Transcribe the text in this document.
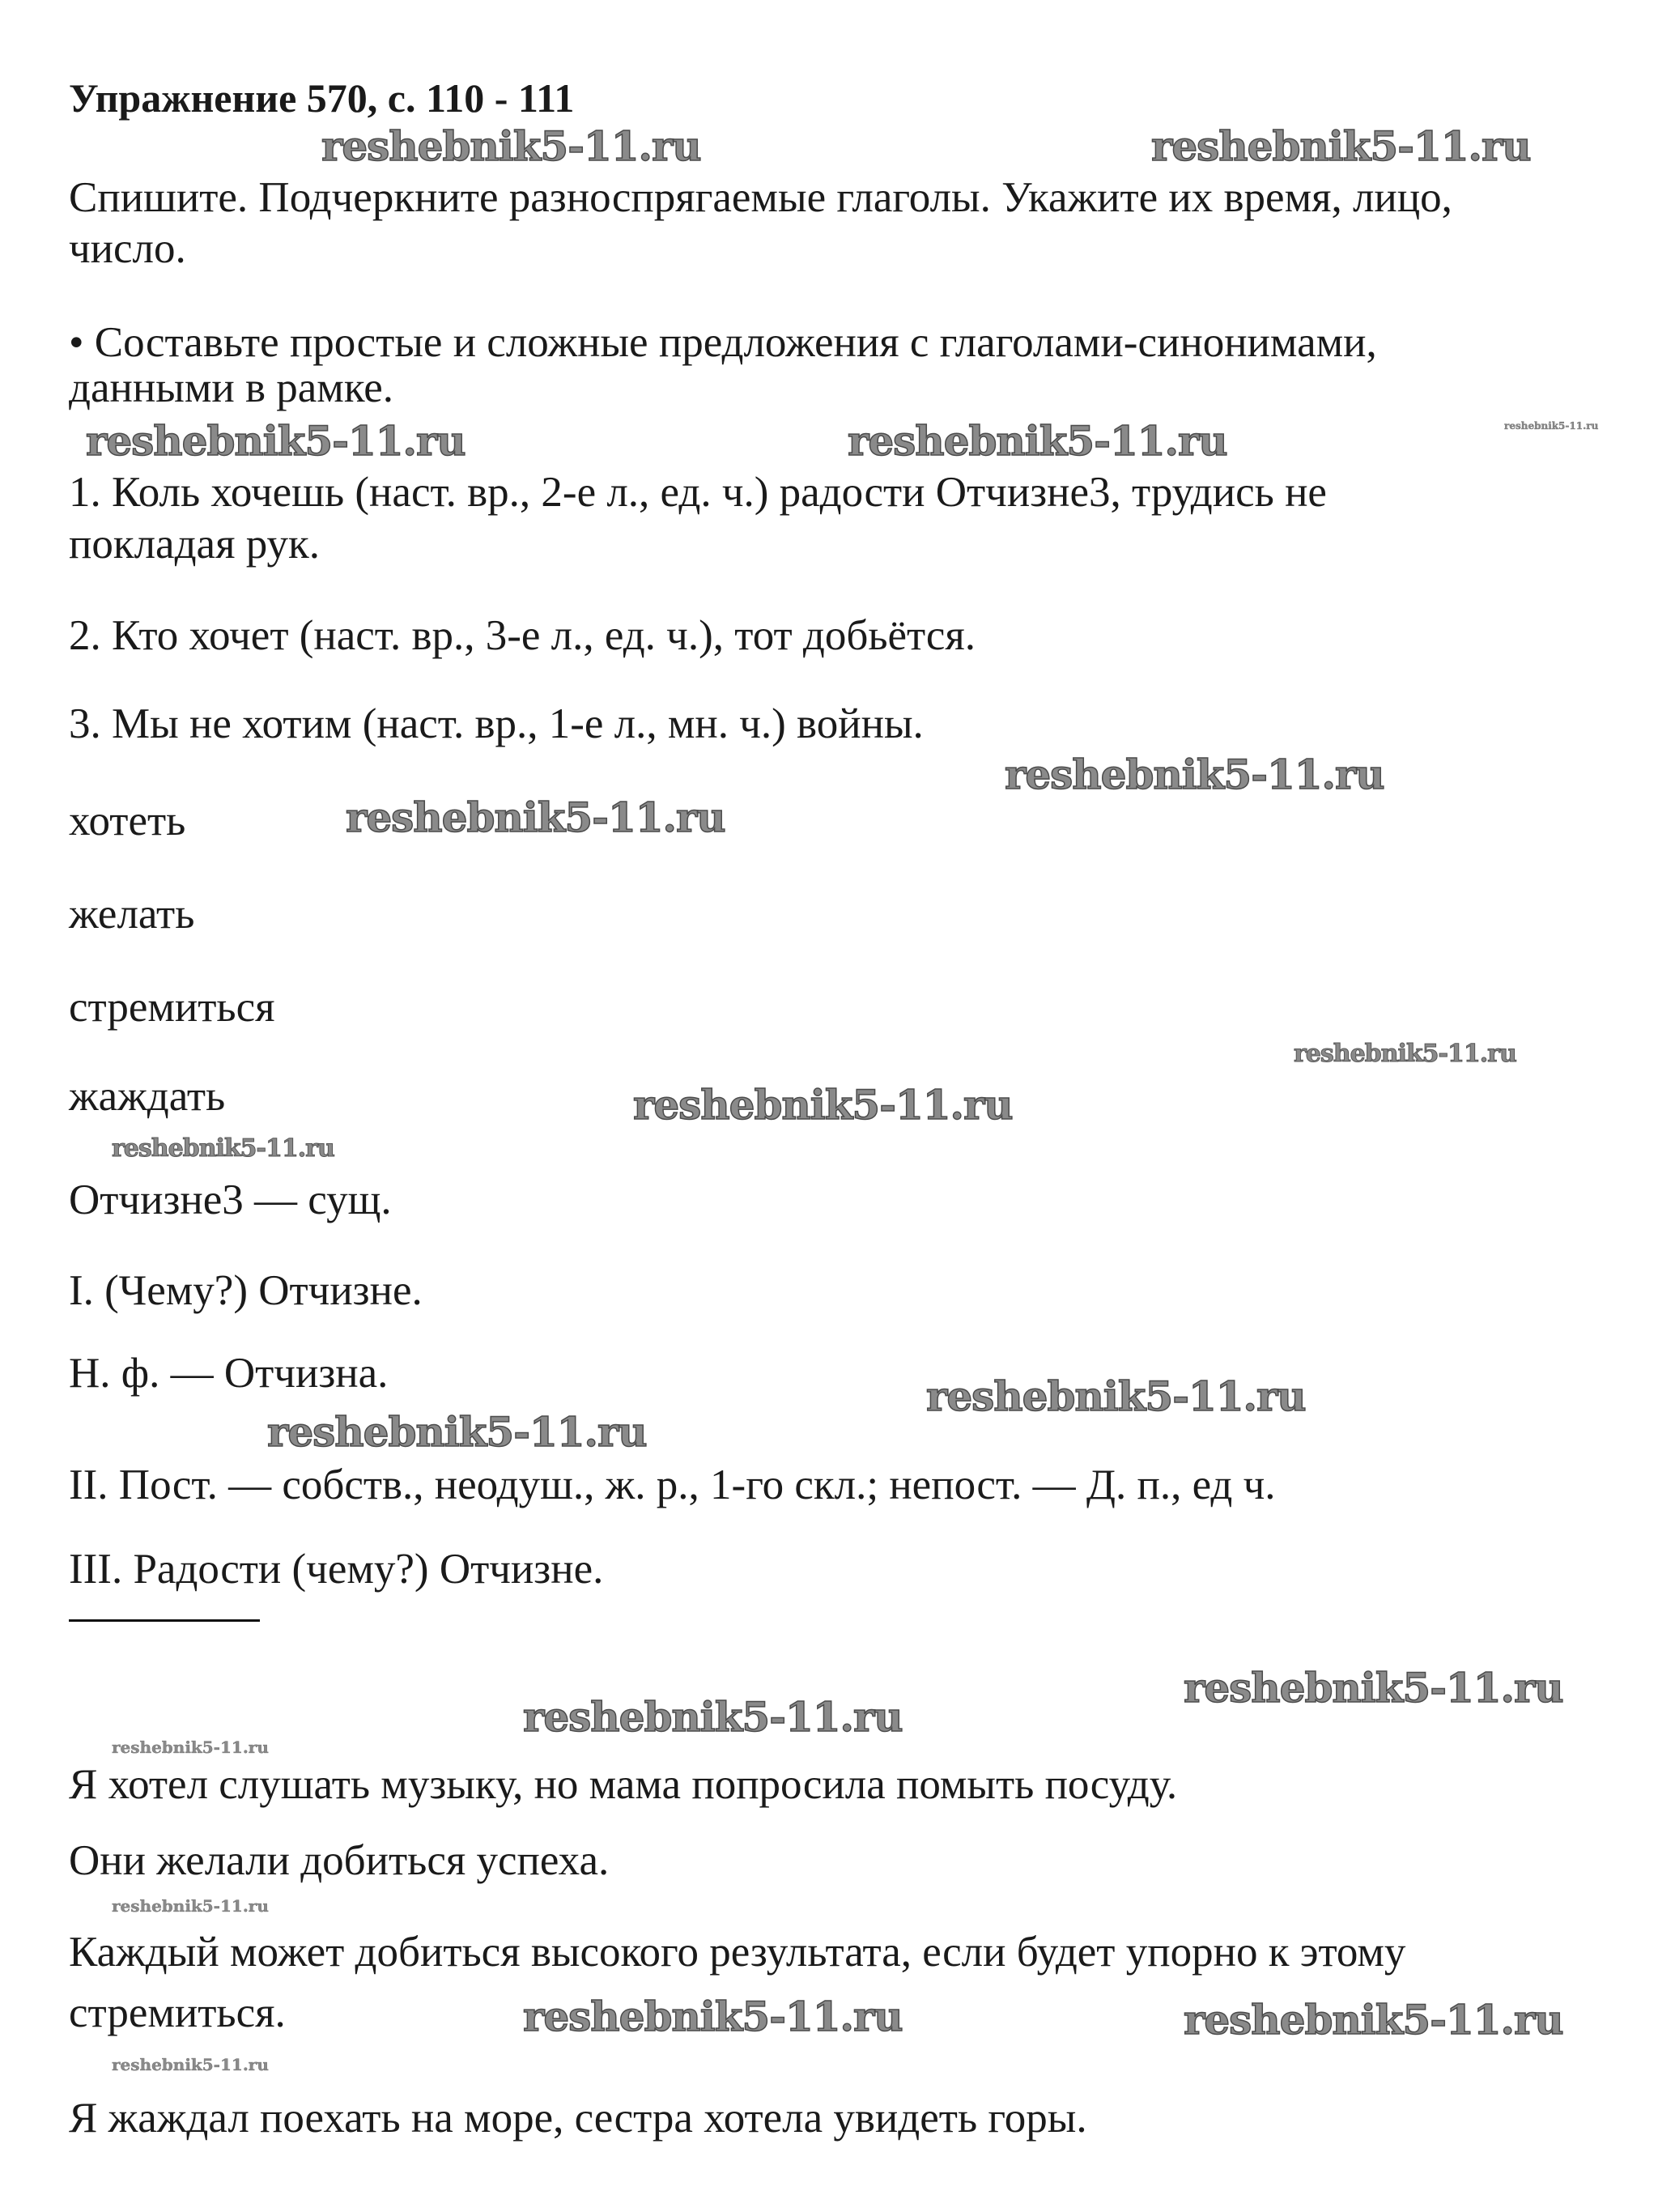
Упражнение 570, с. 110 - 111
Спишите. Подчеркните разноспрягаемые глаголы. Укажите их время, лицо,
число.
• Составьте простые и сложные предложения с глаголами-синонимами,
данными в рамке.
1. Коль хочешь (наст. вр., 2-е л., ед. ч.) радости Отчизне3, трудись не
покладая рук.
2. Кто хочет (наст. вр., 3-е л., ед. ч.), тот добьётся.
3. Мы не хотим (наст. вр., 1-е л., мн. ч.) войны.
хотеть
желать
стремиться
жаждать
Отчизне3 — сущ.
I. (Чему?) Отчизне.
Н. ф. — Отчизна.
II. Пост. — собств., неодуш., ж. р., 1-го скл.; непост. — Д. п., ед ч.
III. Радости (чему?) Отчизне.
Я хотел слушать музыку, но мама попросила помыть посуду.
Они желали добиться успеха.
Каждый может добиться высокого результата, если будет упорно к этому
стремиться.
Я жаждал поехать на море, сестра хотела увидеть горы.
reshebnik5-11.ru	reshebnik5-11.ru
reshebnik5-11.ru	reshebnik5-11.ru	reshebnik5-11.ru
reshebnik5-11.ru
reshebnik5-11.ru
reshebnik5-11.ru
reshebnik5-11.ru
reshebnik5-11.ru
reshebnik5-11.ru
reshebnik5-11.ru
reshebnik5-11.ru
reshebnik5-11.ru
reshebnik5-11.ru
reshebnik5-11.ru
reshebnik5-11.ru	reshebnik5-11.ru
reshebnik5-11.ru
